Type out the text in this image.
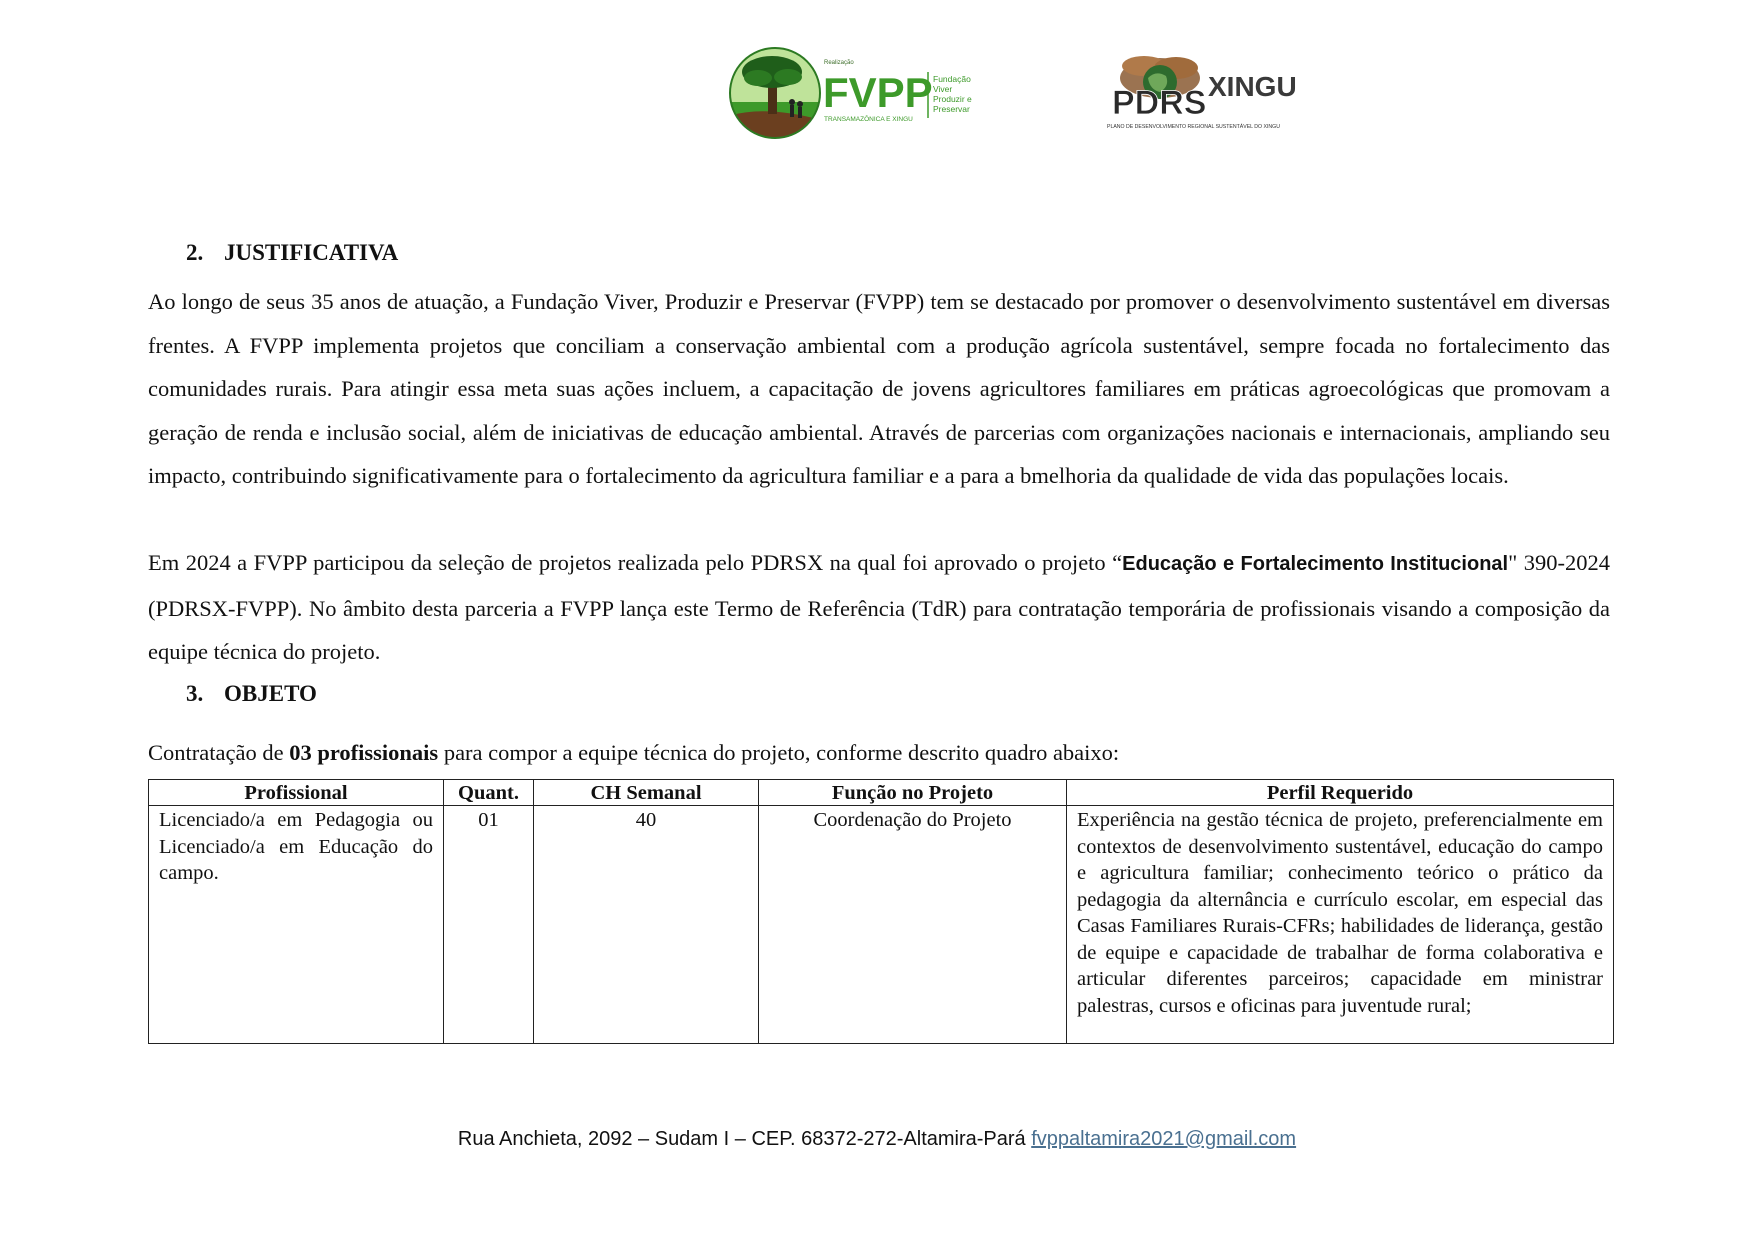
Realização
FVPP Fundação
Viver
Produzir e
Preservar
TRANSAMAZÔNICA E XINGU	PDRS XINGU
PLANO DE DESENVOLVIMENTO REGIONAL SUSTENTÁVEL DO XINGU
2. JUSTIFICATIVA

Ao longo de seus 35 anos de atuação, a Fundação Viver, Produzir e Preservar (FVPP) tem se destacado por promover o desenvolvimento sustentável em diversas frentes. A FVPP implementa projetos que conciliam a conservação ambiental com a produção agrícola sustentável, sempre focada no fortalecimento das comunidades rurais. Para atingir essa meta suas ações incluem, a capacitação de jovens agricultores familiares em práticas agroecológicas que promovam a geração de renda e inclusão social, além de iniciativas de educação ambiental. Através de parcerias com organizações nacionais e internacionais, ampliando seu impacto, contribuindo significativamente para o fortalecimento da agricultura familiar e a para a bmelhoria da qualidade de vida das populações locais.

Em 2024 a FVPP participou da seleção de projetos realizada pelo PDRSX na qual foi aprovado o projeto “Educação e Fortalecimento Institucional" 390-2024 (PDRSX-FVPP). No âmbito desta parceria a FVPP lança este Termo de Referência (TdR) para contratação temporária de profissionais visando a composição da equipe técnica do projeto.

3. OBJETO

Contratação de 03 profissionais para compor a equipe técnica do projeto, conforme descrito quadro abaixo:

Profissional	Quant.	CH Semanal	Função no Projeto	Perfil Requerido
Licenciado/a em Pedagogia ou Licenciado/a em Educação do campo.	01	40	Coordenação do Projeto	Experiência na gestão técnica de projeto, preferencialmente em contextos de desenvolvimento sustentável, educação do campo e agricultura familiar; conhecimento teórico o prático da pedagogia da alternância e currículo escolar, em especial das Casas Familiares Rurais-CFRs; habilidades de liderança, gestão de equipe e capacidade de trabalhar de forma colaborativa e articular diferentes parceiros; capacidade em ministrar palestras, cursos e oficinas para juventude rural;
Rua Anchieta, 2092 – Sudam I – CEP. 68372-272-Altamira-Pará fvppaltamira2021@gmail.com
